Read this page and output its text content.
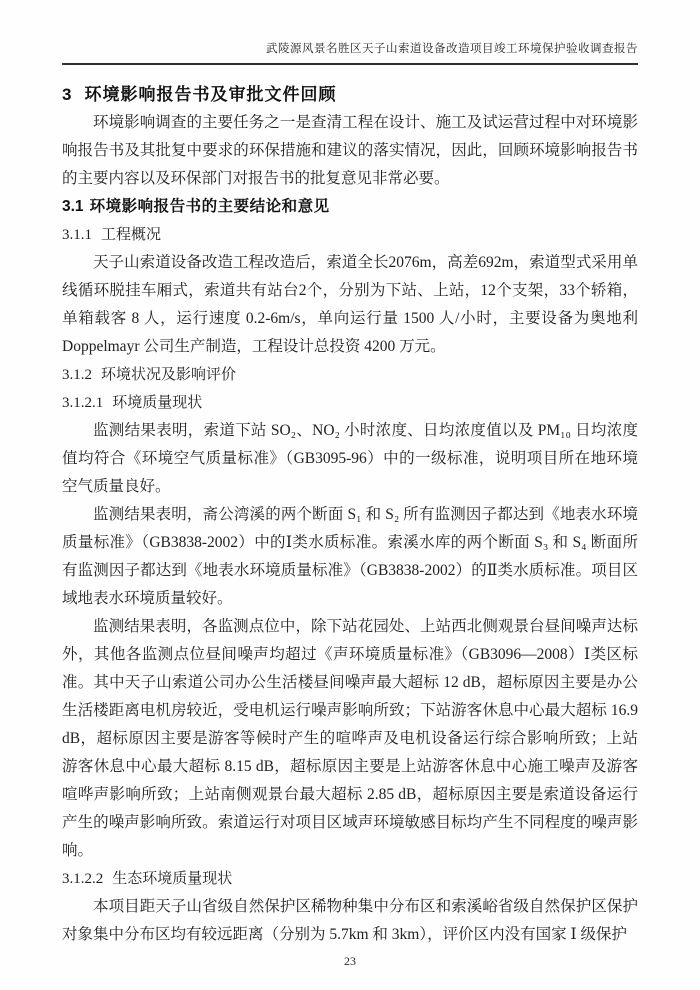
武陵源风景名胜区天子山索道设备改造项目竣工环境保护验收调查报告
3 环境影响报告书及审批文件回顾

环境影响调查的主要任务之一是查清工程在设计、施工及试运营过程中对环境影响报告书及其批复中要求的环保措施和建议的落实情况，因此，回顾环境影响报告书的主要内容以及环保部门对报告书的批复意见非常必要。

3.1 环境影响报告书的主要结论和意见
3.1.1 工程概况

天子山索道设备改造工程改造后，索道全长2076m，高差692m，索道型式采用单线循环脱挂车厢式，索道共有站台2个，分别为下站、上站，12个支架，33个轿箱，单箱载客 8 人，运行速度 0.2-6m/s，单向运行量 1500 人/小时，主要设备为奥地利 Doppelmayr 公司生产制造，工程设计总投资 4200 万元。

3.1.2 环境状况及影响评价
3.1.2.1 环境质量现状

监测结果表明，索道下站 SO₂、NO₂ 小时浓度、日均浓度值以及 PM₁₀ 日均浓度值均符合《环境空气质量标准》（GB3095-96）中的一级标准，说明项目所在地环境空气质量良好。

监测结果表明，斋公湾溪的两个断面 S₁ 和 S₂ 所有监测因子都达到《地表水环境质量标准》（GB3838-2002）中的Ⅰ类水质标准。索溪水库的两个断面 S₃ 和 S₄ 断面所有监测因子都达到《地表水环境质量标准》（GB3838-2002）的Ⅱ类水质标准。项目区域地表水环境质量较好。

监测结果表明，各监测点位中，除下站花园处、上站西北侧观景台昼间噪声达标外，其他各监测点位昼间噪声均超过《声环境质量标准》（GB3096—2008）Ⅰ类区标准。其中天子山索道公司办公生活楼昼间噪声最大超标 12 dB，超标原因主要是办公生活楼距离电机房较近，受电机运行噪声影响所致；下站游客休息中心最大超标 16.9 dB，超标原因主要是游客等候时产生的喧哗声及电机设备运行综合影响所致；上站游客休息中心最大超标 8.15 dB，超标原因主要是上站游客休息中心施工噪声及游客喧哗声影响所致；上站南侧观景台最大超标 2.85 dB，超标原因主要是索道设备运行产生的噪声影响所致。索道运行对项目区域声环境敏感目标均产生不同程度的噪声影响。

3.1.2.2 生态环境质量现状

本项目距天子山省级自然保护区稀物种集中分布区和索溪峪省级自然保护区保护对象集中分布区均有较远距离（分别为 5.7km 和 3km），评价区内没有国家 Ⅰ 级保护

23
